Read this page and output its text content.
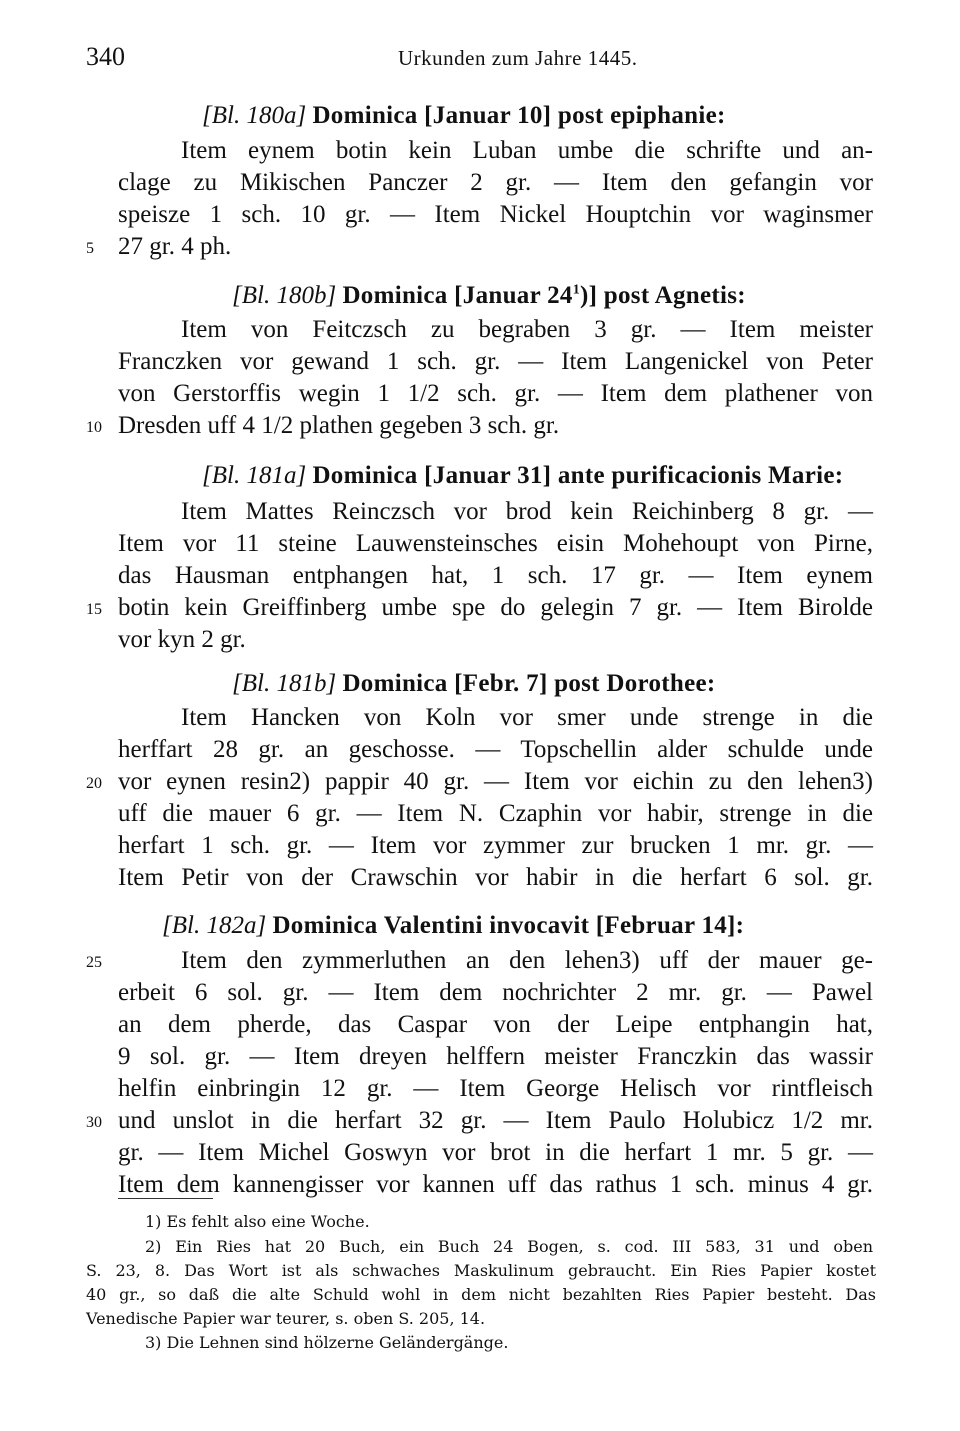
340	Urkunden zum Jahre 1445.
[Bl. 180a] Dominica [Januar 10] post epiphanie:
Item eynem botin kein Luban umbe die schrifte und an-
clage zu Mikischen Panczer 2 gr. — Item den gefangin vor
speisze 1 sch. 10 gr. — Item Nickel Houptchin vor waginsmer
27 gr. 4 ph.
[Bl. 180b] Dominica [Januar $24^1$)] post Agnetis:
Item von Feitczsch zu begraben 3 gr. — Item meister
Franczken vor gewand 1 sch. gr. — Item Langenickel von Peter
von Gerstorffis wegin 1 1/2 sch. gr. — Item dem plathener von
Dresden uff 4 1/2 plathen gegeben 3 sch. gr.
[Bl. 181a] Dominica [Januar 31] ante purificacionis Marie:
Item Mattes Reinczsch vor brod kein Reichinberg 8 gr. —
Item vor 11 steine Lauwensteinsches eisin Mohehoupt von Pirne,
das Hausman entphangen hat, 1 sch. 17 gr. — Item eynem
botin kein Greiffinberg umbe spe do gelegin 7 gr. — Item Birolde
vor kyn 2 gr.
[Bl. 181b] Dominica [Febr. 7] post Dorothee:
Item Hancken von Koln vor smer unde strenge in die
herffart 28 gr. an geschosse. — Topschellin alder schulde unde
vor eynen resin2) pappir 40 gr. — Item vor eichin zu den lehen3)
uff die mauer 6 gr. — Item N. Czaphin vor habir, strenge in die
herfart 1 sch. gr. — Item vor zymmer zur brucken 1 mr. gr. —
Item Petir von der Crawschin vor habir in die herfart 6 sol. gr.
[Bl. 182a] Dominica Valentini invocavit [Februar 14]:
Item den zymmerluthen an den lehen3) uff der mauer ge-
erbeit 6 sol. gr. — Item dem nochrichter 2 mr. gr. — Pawel
an dem pherde, das Caspar von der Leipe entphangin hat,
9 sol. gr. — Item dreyen helffern meister Franczkin das wassir
helfin einbringin 12 gr. — Item George Helisch vor rintfleisch
und unslot in die herfart 32 gr. — Item Paulo Holubicz 1/2 mr.
gr. — Item Michel Goswyn vor brot in die herfart 1 mr. 5 gr. —
Item dem kannengisser vor kannen uff das rathus 1 sch. minus 4 gr.
5
10
15
20
25
30
1) Es fehlt also eine Woche.
2) Ein Ries hat 20 Buch, ein Buch 24 Bogen, s. cod. III 583, 31 und oben
S. 23, 8. Das Wort ist als schwaches Maskulinum gebraucht. Ein Ries Papier kostet
40 gr., so daß die alte Schuld wohl in dem nicht bezahlten Ries Papier besteht. Das
Venedische Papier war teurer, s. oben S. 205, 14.
3) Die Lehnen sind hölzerne Geländergänge.
